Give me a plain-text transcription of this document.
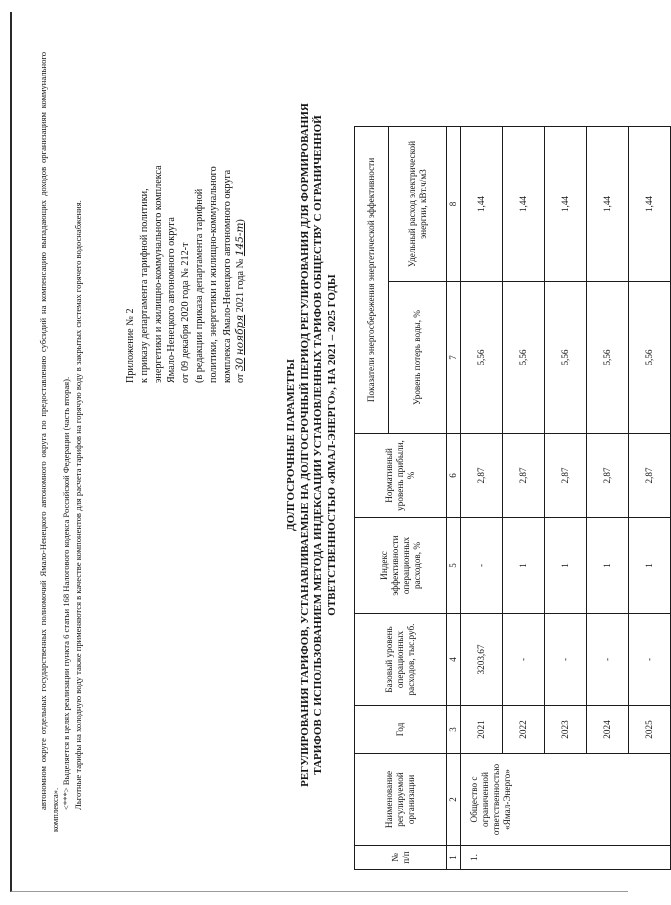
автономном округе отдельных государственных полномочий Ямало-Ненецкого автономного округа по предоставлению субсидий на компенсацию выпадающих доходов организациям коммунального комплекса». <***> Выделяется в целях реализации пункта 6 статьи 168 Налогового кодекса Российской Федерации (часть вторая). Льготные тарифы на холодную воду также применяются в качестве компонентов для расчета тарифов на горячую воду в закрытых системах горячего водоснабжения.	Приложение № 2 к приказу департамента тарифной политики, энергетики и жилищно-коммунального комплекса Ямало-Ненецкого автономного округа от 09 декабря 2020 года № 212-т (в редакции приказа департамента тарифной политики, энергетики и жилищно-коммунального комплекса Ямало-Ненецкого автономного округа от 30 ноября 2021 года № 145-т)
ДОЛГОСРОЧНЫЕ ПАРАМЕТРЫ РЕГУЛИРОВАНИЯ ТАРИФОВ, УСТАНАВЛИВАЕМЫЕ НА ДОЛГОСРОЧНЫЙ ПЕРИОД РЕГУЛИРОВАНИЯ ДЛЯ ФОРМИРОВАНИЯ ТАРИФОВ С ИСПОЛЬЗОВАНИЕМ МЕТОДА ИНДЕКСАЦИИ УСТАНОВЛЕННЫХ ТАРИФОВ ОБЩЕСТВУ С ОГРАНИЧЕННОЙ ОТВЕТСТВЕННОСТЬЮ «ЯМАЛ-ЭНЕРГО», НА 2021 – 2025 ГОДЫ
№ п/п	Наименование регулируемой организации	Год	Базовый уровень операционных расходов, тыс.руб.	Индекс эффективности операционных расходов, %	Нормативный уровень прибыли, %	Показатели энергосбережения энергетической эффективности	
						Уровень потерь воды, %	Удельный расход электрической энергии, кВт.ч/м3
1	2	3	4	5	6	7	8
1.	Общество с ограниченной ответственностью «Ямал-Энерго»	2021	3203,67	-	2,87	5,56	1,44
		2022	-	1	2,87	5,56	1,44
		2023	-	1	2,87	5,56	1,44
		2024	-	1	2,87	5,56	1,44
		2025	-	1	2,87	5,56	1,44
